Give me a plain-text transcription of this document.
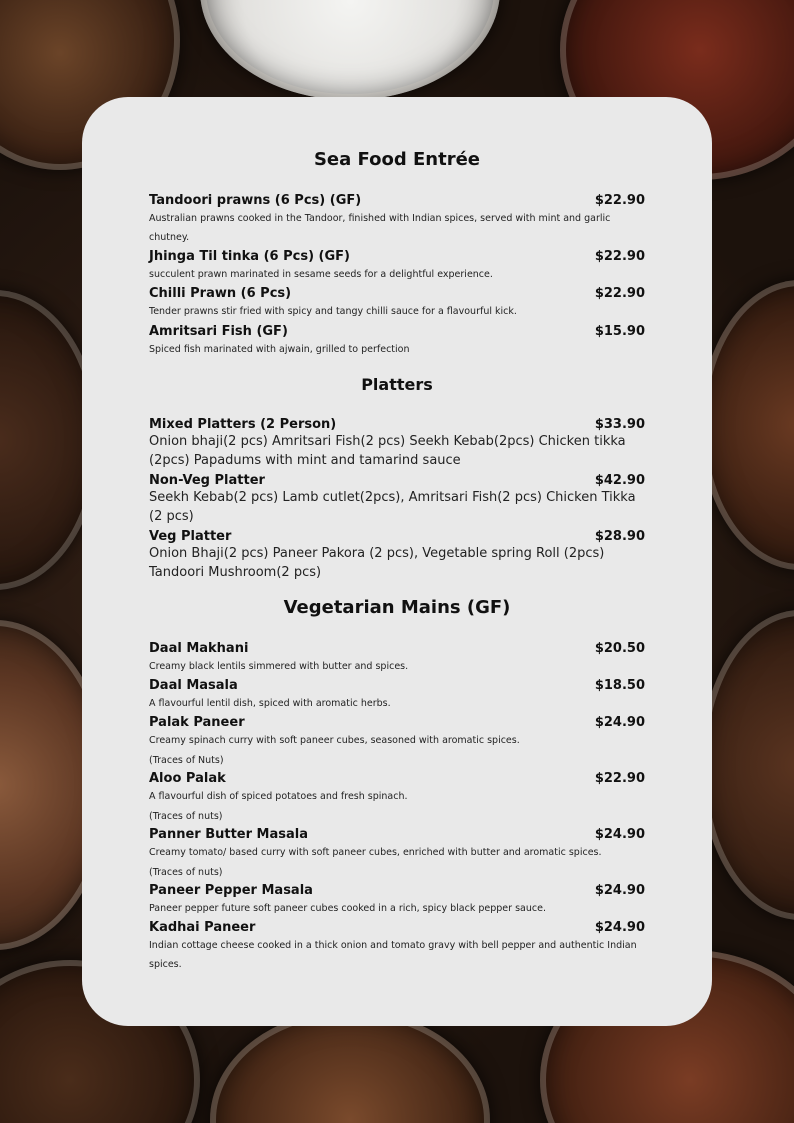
Sea Food Entrée
Tandoori prawns (6 Pcs) (GF)	$22.90
Australian prawns cooked in the Tandoor, finished with Indian spices, served with mint and garlic chutney.
Jhinga Til tinka (6 Pcs) (GF)	$22.90
succulent prawn marinated in sesame seeds for a delightful experience.
Chilli Prawn (6 Pcs)	$22.90
Tender prawns stir fried with spicy and tangy chilli sauce for a flavourful kick.
Amritsari Fish (GF)	$15.90
Spiced fish marinated with ajwain, grilled to perfection
Platters
Mixed Platters (2 Person)	$33.90
Onion bhaji(2 pcs) Amritsari Fish(2 pcs) Seekh Kebab(2pcs) Chicken tikka (2pcs) Papadums with mint and tamarind sauce
Non-Veg Platter	$42.90
Seekh Kebab(2 pcs) Lamb cutlet(2pcs), Amritsari Fish(2 pcs) Chicken Tikka (2 pcs)
Veg Platter	$28.90
Onion Bhaji(2 pcs) Paneer Pakora (2 pcs), Vegetable spring Roll (2pcs) Tandoori Mushroom(2 pcs)
Vegetarian Mains (GF)
Daal Makhani	$20.50
Creamy black lentils simmered with butter and spices.
Daal Masala	$18.50
A flavourful lentil dish, spiced with aromatic herbs.
Palak Paneer	$24.90
Creamy spinach curry with soft paneer cubes, seasoned with aromatic spices.
(Traces of Nuts)
Aloo Palak	$22.90
A flavourful dish of spiced potatoes and fresh spinach.
(Traces of nuts)
Panner Butter Masala	$24.90
Creamy tomato/ based curry with soft paneer cubes, enriched with butter and aromatic spices.
(Traces of nuts)
Paneer Pepper Masala	$24.90
Paneer pepper future soft paneer cubes cooked in a rich, spicy black pepper sauce.
Kadhai Paneer	$24.90
Indian cottage cheese cooked in a thick onion and tomato gravy with bell pepper and authentic Indian spices.
